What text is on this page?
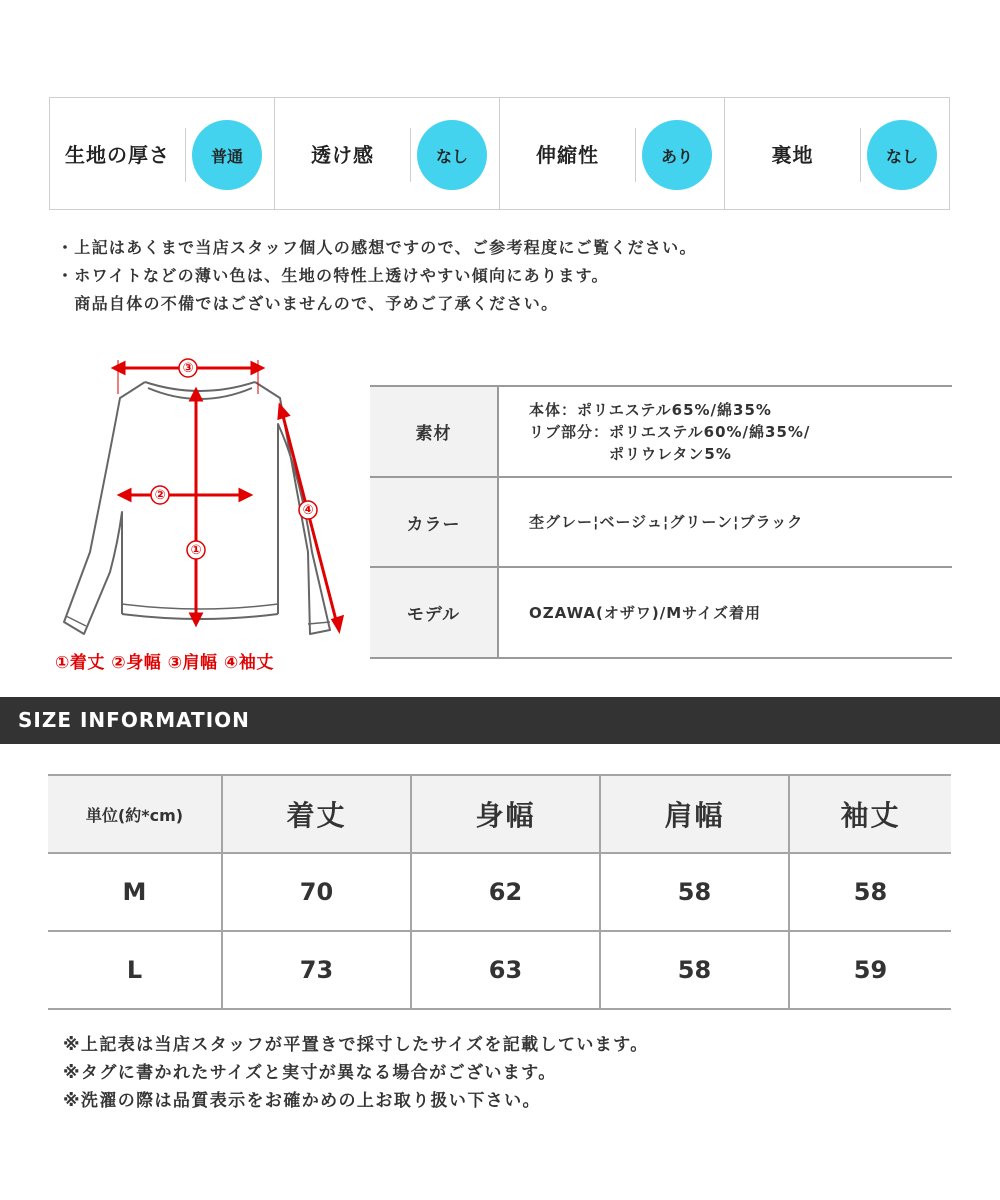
生地の厚さ	普通	透け感	なし	伸縮性	あり	裏地	なし
・上記はあくまで当店スタッフ個人の感想ですので、ご参考程度にご覧ください。
・ホワイトなどの薄い色は、生地の特性上透けやすい傾向にあります。
　商品自体の不備ではございませんので、予めご了承ください。
③
②
①
④
①着丈 ②身幅 ③肩幅 ④袖丈
素材
本体：ポリエステル65%/綿35%
リブ部分：ポリエステル60%/綿35%/
　　　　　ポリウレタン5%
カラー	杢グレー¦ベージュ¦グリーン¦ブラック
モデル	OZAWA(オザワ)/Mサイズ着用
SIZE INFORMATION
単位(約*cm)	着丈	身幅	肩幅	袖丈
M	70	62	58	58
L	73	63	58	59
※上記表は当店スタッフが平置きで採寸したサイズを記載しています。
※タグに書かれたサイズと実寸が異なる場合がございます。
※洗濯の際は品質表示をお確かめの上お取り扱い下さい。
